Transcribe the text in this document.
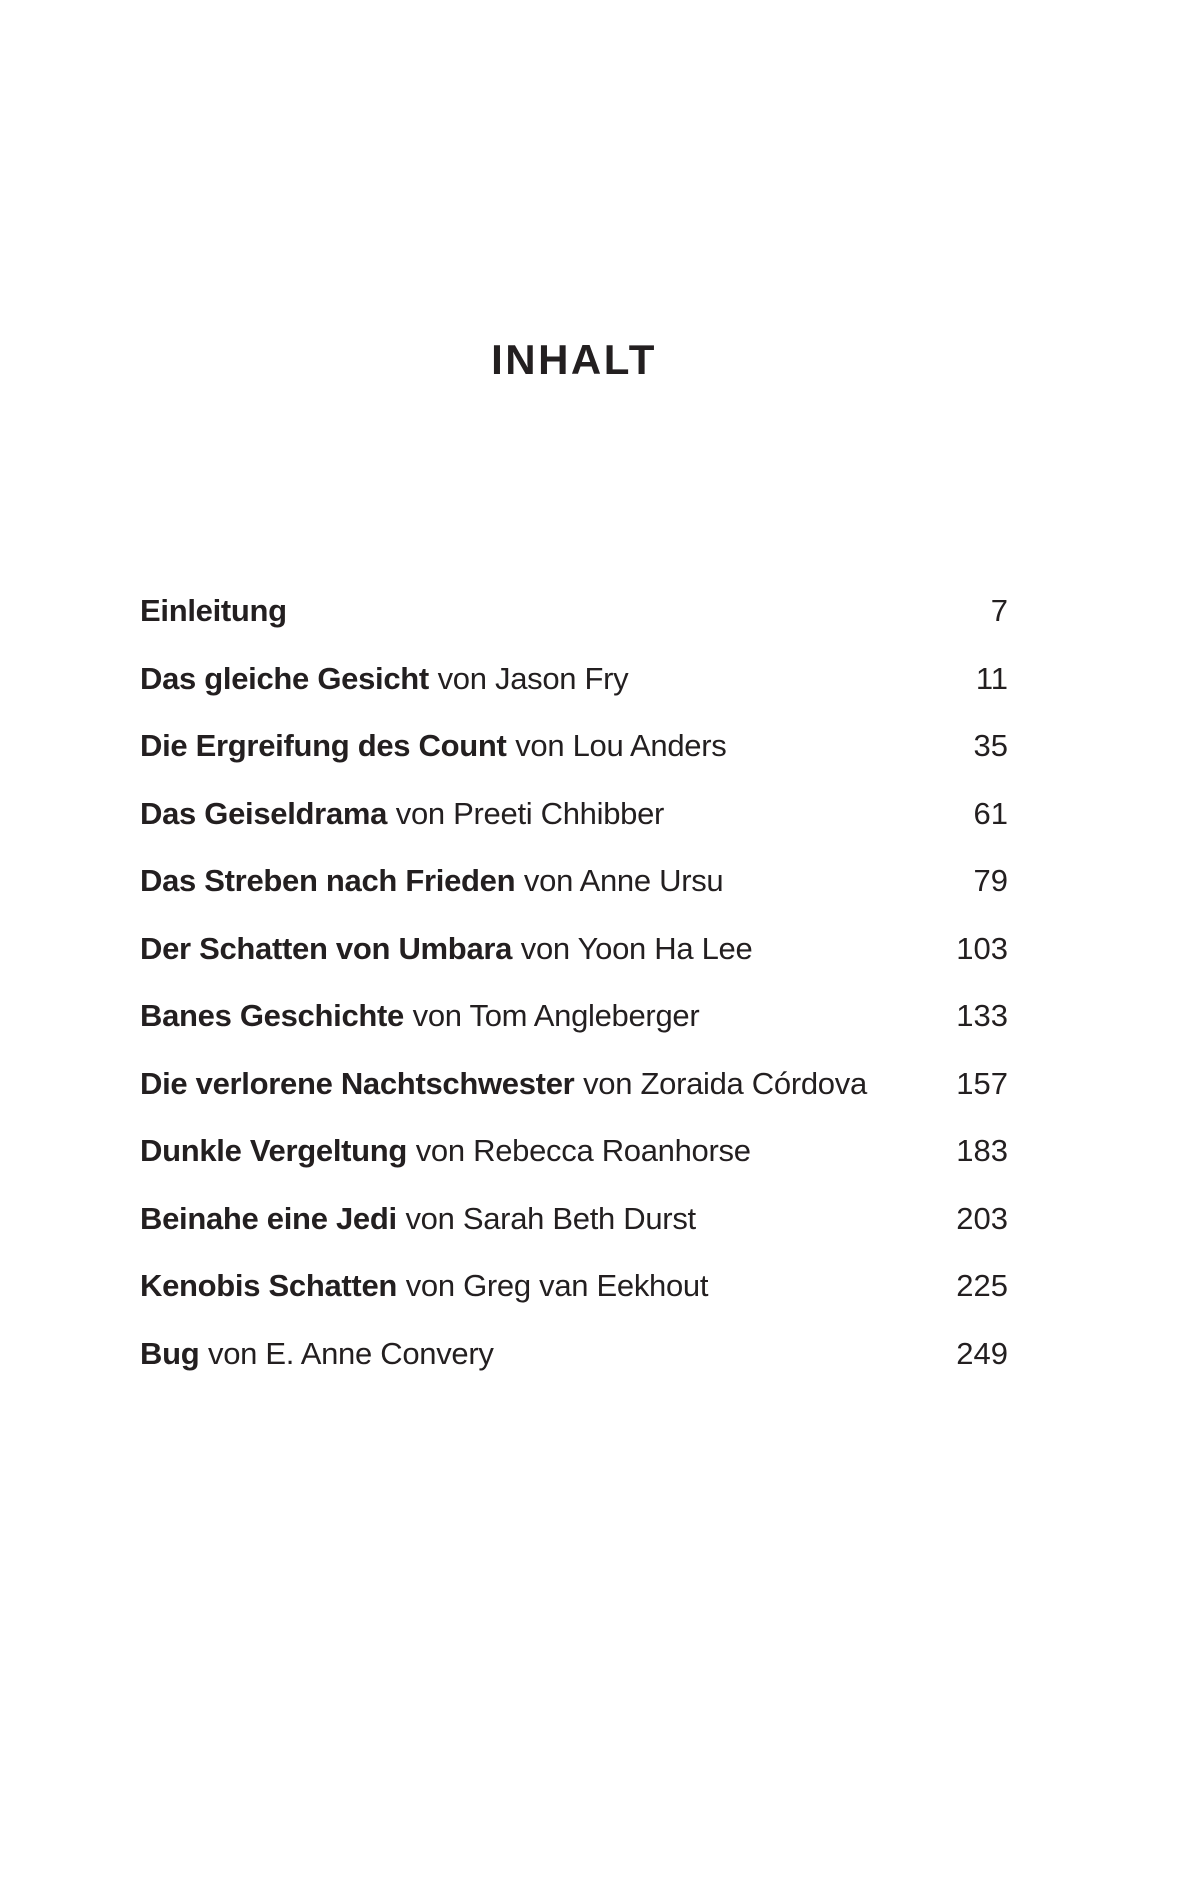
INHALT
Einleitung	7
Das gleiche Gesicht von Jason Fry	11
Die Ergreifung des Count von Lou Anders	35
Das Geiseldrama von Preeti Chhibber	61
Das Streben nach Frieden von Anne Ursu	79
Der Schatten von Umbara von Yoon Ha Lee	103
Banes Geschichte von Tom Angleberger	133
Die verlorene Nachtschwester von Zoraida Córdova	157
Dunkle Vergeltung von Rebecca Roanhorse	183
Beinahe eine Jedi von Sarah Beth Durst	203
Kenobis Schatten von Greg van Eekhout	225
Bug von E. Anne Convery	249
